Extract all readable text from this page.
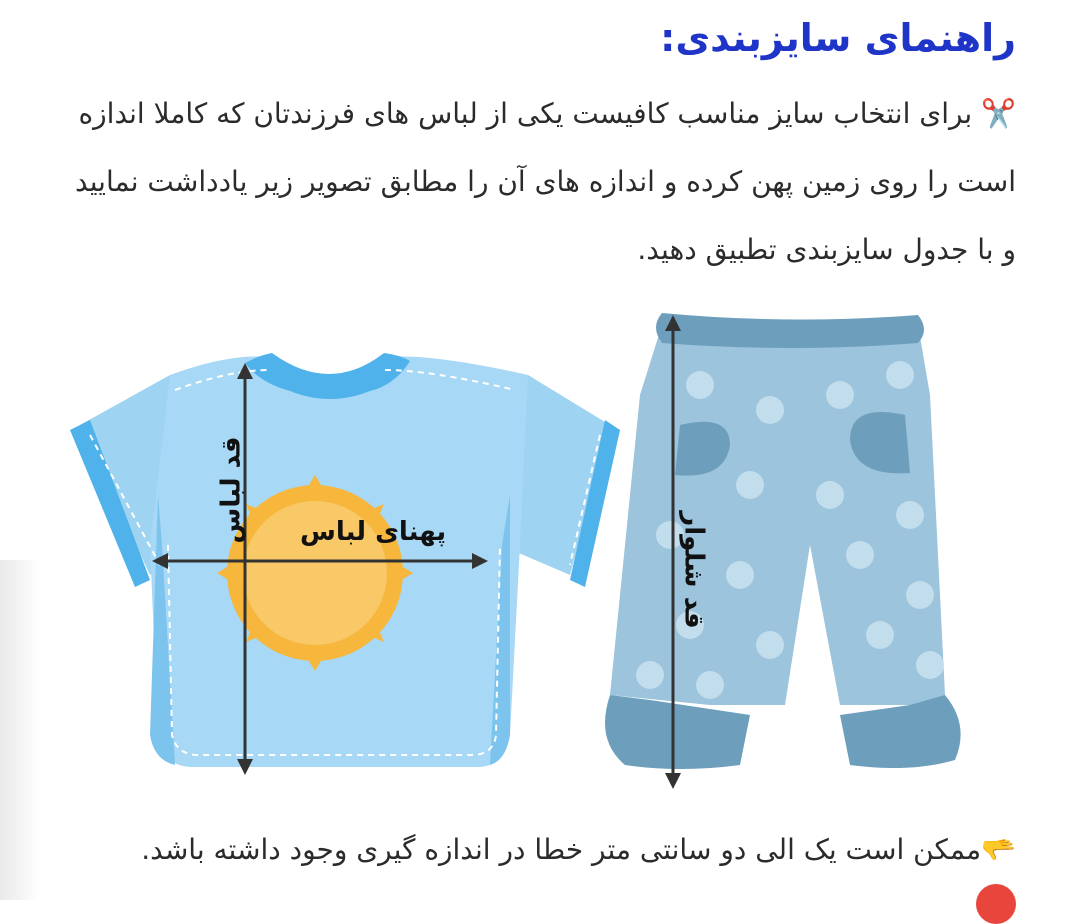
راهنمای سایزبندی:

✂️ برای انتخاب سایز مناسب کافیست یکی از لباس های فرزندتان که کاملا اندازه است را روی زمین پهن کرده و اندازه های آن را مطابق تصویر زیر یادداشت نمایید و با جدول سایزبندی تطبیق دهید.

قد لباس پهنای لباس	قد شلوار

🫳ممکن است یک الی دو سانتی متر خطا در اندازه گیری وجود داشته باشد.
